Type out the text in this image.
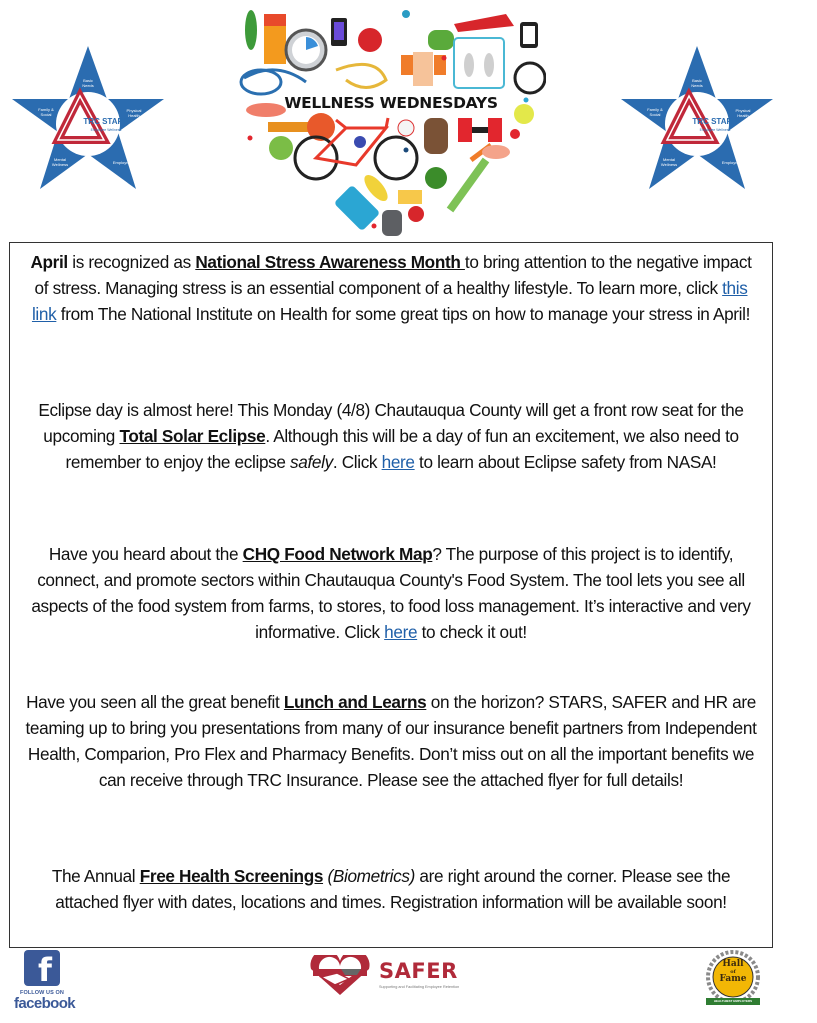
TRC STARS
Employee Wellness
Basic
Needs
Physical
Health
Employment
Mental
Wellness
Family &
Social
WELLNESS WEDNESDAYS
TRC STARS
Employee Wellness
Basic
Needs
Physical
Health
Employment
Mental
Wellness
Family &
Social
April is recognized as National Stress Awareness Month to bring attention to the negative impact of stress. Managing stress is an essential component of a healthy lifestyle. To learn more, click this link from The National Institute on Health for some great tips on how to manage your stress in April!
Eclipse day is almost here! This Monday (4/8) Chautauqua County will get a front row seat for the upcoming Total Solar Eclipse. Although this will be a day of fun an excitement, we also need to remember to enjoy the eclipse safely. Click here to learn about Eclipse safety from NASA!
Have you heard about the CHQ Food Network Map? The purpose of this project is to identify, connect, and promote sectors within Chautauqua County's Food System. The tool lets you see all aspects of the food system from farms, to stores, to food loss management. It’s interactive and very informative. Click here to check it out!
Have you seen all the great benefit Lunch and Learns on the horizon? STARS, SAFER and HR are teaming up to bring you presentations from many of our insurance benefit partners from Independent Health, Comparion, Pro Flex and Pharmacy Benefits. Don’t miss out on all the important benefits we can receive through TRC Insurance. Please see the attached flyer for full details!
The Annual Free Health Screenings (Biometrics) are right around the corner. Please see the attached flyer with dates, locations and times. Registration information will be available soon!
f
FOLLOW US ON
facebook
SAFER
Supporting and Facilitating Employee Retention
Hall
of
Fame
HEALTHIEST EMPLOYERS
